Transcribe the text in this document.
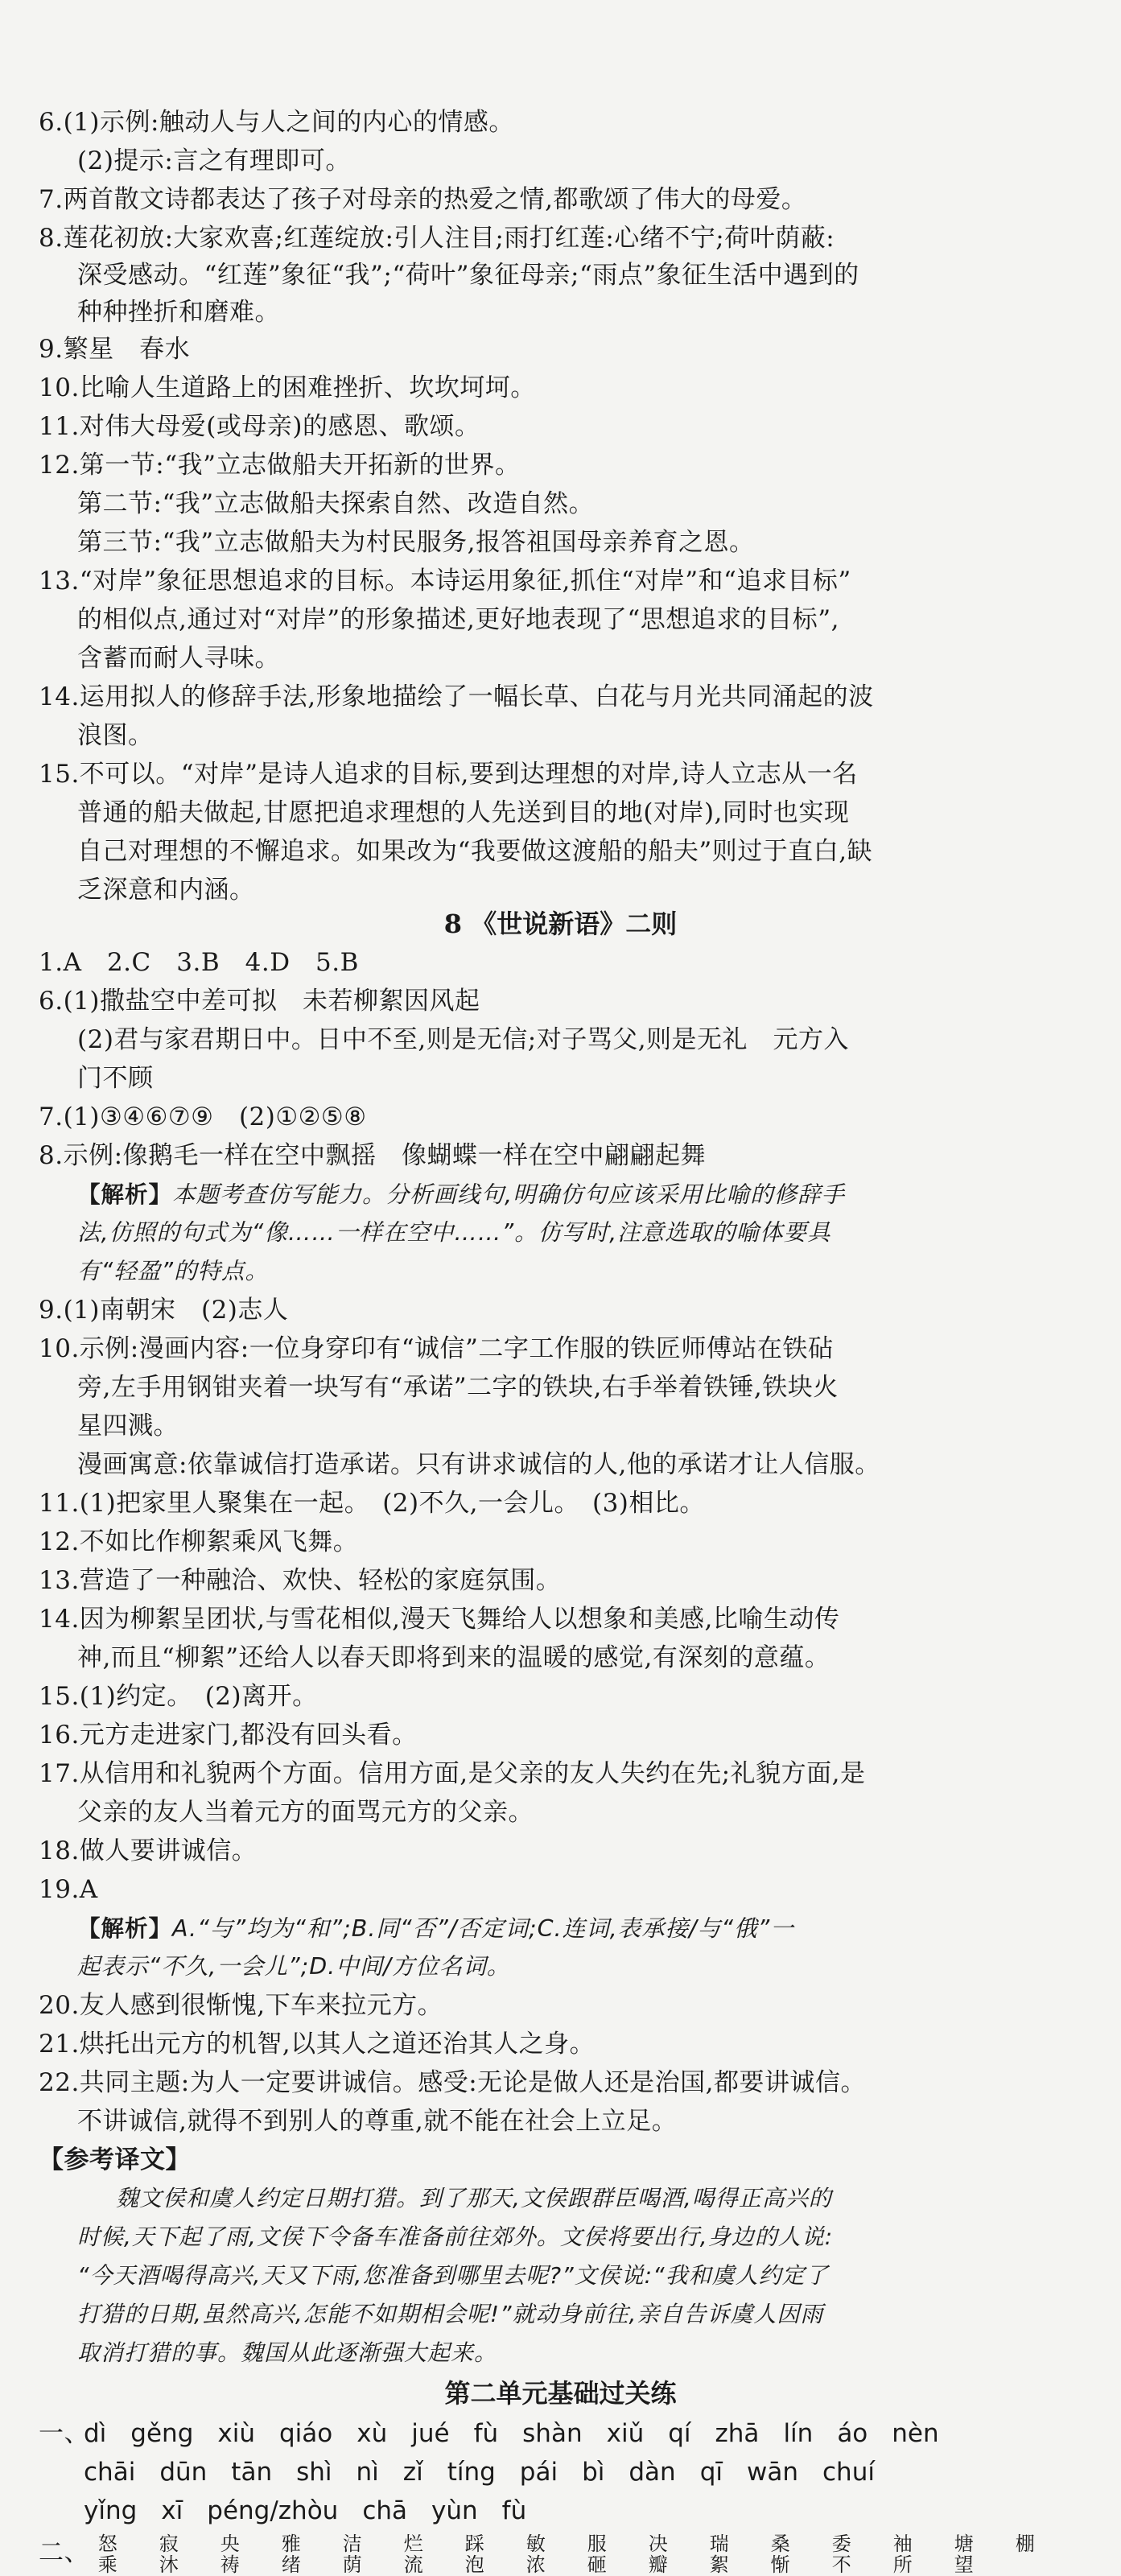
6.(1)示例:触动人与人之间的内心的情感。
(2)提示:言之有理即可。
7.两首散文诗都表达了孩子对母亲的热爱之情,都歌颂了伟大的母爱。
8.莲花初放:大家欢喜;红莲绽放:引人注目;雨打红莲:心绪不宁;荷叶荫蔽:
深受感动。“红莲”象征“我”;“荷叶”象征母亲;“雨点”象征生活中遇到的
种种挫折和磨难。
9.繁星　春水
10.比喻人生道路上的困难挫折、坎坎坷坷。
11.对伟大母爱(或母亲)的感恩、歌颂。
12.第一节:“我”立志做船夫开拓新的世界。
第二节:“我”立志做船夫探索自然、改造自然。
第三节:“我”立志做船夫为村民服务,报答祖国母亲养育之恩。
13.“对岸”象征思想追求的目标。本诗运用象征,抓住“对岸”和“追求目标”
的相似点,通过对“对岸”的形象描述,更好地表现了“思想追求的目标”,
含蓄而耐人寻味。
14.运用拟人的修辞手法,形象地描绘了一幅长草、白花与月光共同涌起的波
浪图。
15.不可以。“对岸”是诗人追求的目标,要到达理想的对岸,诗人立志从一名
普通的船夫做起,甘愿把追求理想的人先送到目的地(对岸),同时也实现
自己对理想的不懈追求。如果改为“我要做这渡船的船夫”则过于直白,缺
乏深意和内涵。
8 《世说新语》二则
1.A　2.C　3.B　4.D　5.B
6.(1)撒盐空中差可拟　未若柳絮因风起
(2)君与家君期日中。日中不至,则是无信;对子骂父,则是无礼　元方入
门不顾
7.(1)③④⑥⑦⑨　(2)①②⑤⑧
8.示例:像鹅毛一样在空中飘摇　像蝴蝶一样在空中翩翩起舞
【解析】本题考查仿写能力。分析画线句,明确仿句应该采用比喻的修辞手
法,仿照的句式为“像……一样在空中……”。仿写时,注意选取的喻体要具
有“轻盈”的特点。
9.(1)南朝宋　(2)志人
10.示例:漫画内容:一位身穿印有“诚信”二字工作服的铁匠师傅站在铁砧
旁,左手用钢钳夹着一块写有“承诺”二字的铁块,右手举着铁锤,铁块火
星四溅。
漫画寓意:依靠诚信打造承诺。只有讲求诚信的人,他的承诺才让人信服。
11.(1)把家里人聚集在一起。　(2)不久,一会儿。　(3)相比。
12.不如比作柳絮乘风飞舞。
13.营造了一种融洽、欢快、轻松的家庭氛围。
14.因为柳絮呈团状,与雪花相似,漫天飞舞给人以想象和美感,比喻生动传
神,而且“柳絮”还给人以春天即将到来的温暖的感觉,有深刻的意蕴。
15.(1)约定。　(2)离开。
16.元方走进家门,都没有回头看。
17.从信用和礼貌两个方面。信用方面,是父亲的友人失约在先;礼貌方面,是
父亲的友人当着元方的面骂元方的父亲。
18.做人要讲诚信。
19.A
【解析】A.“与”均为“和”;B.同“否”/否定词;C.连词,表承接/与“俄”一
起表示“不久,一会儿”;D.中间/方位名词。
20.友人感到很惭愧,下车来拉元方。
21.烘托出元方的机智,以其人之道还治其人之身。
22.共同主题:为人一定要讲诚信。感受:无论是做人还是治国,都要讲诚信。
不讲诚信,就得不到别人的尊重,就不能在社会上立足。
【参考译文】
魏文侯和虞人约定日期打猎。到了那天,文侯跟群臣喝酒,喝得正高兴的
时候,天下起了雨,文侯下令备车准备前往郊外。文侯将要出行,身边的人说:
“今天酒喝得高兴,天又下雨,您准备到哪里去呢?”文侯说:“我和虞人约定了
打猎的日期,虽然高兴,怎能不如期相会呢!”就动身前往,亲自告诉虞人因雨
取消打猎的事。魏国从此逐渐强大起来。
第二单元基础过关练
一、
dì gěng xiù qiáo xù jué fù shàn xiǔ qí zhā lín áo nèn
chāi dūn tān shì nì zǐ tíng pái bì dàn qī wān chuí
yǐng xī péng/zhòu chā yùn fù
二、 怒 寂 央 雅 洁 烂 踩 敏 服 决 瑞 桑 委 袖 塘 棚
乘 沐 祷 绪 荫 流 泡 浓 砸 瓣 絮 惭 不 所 望
